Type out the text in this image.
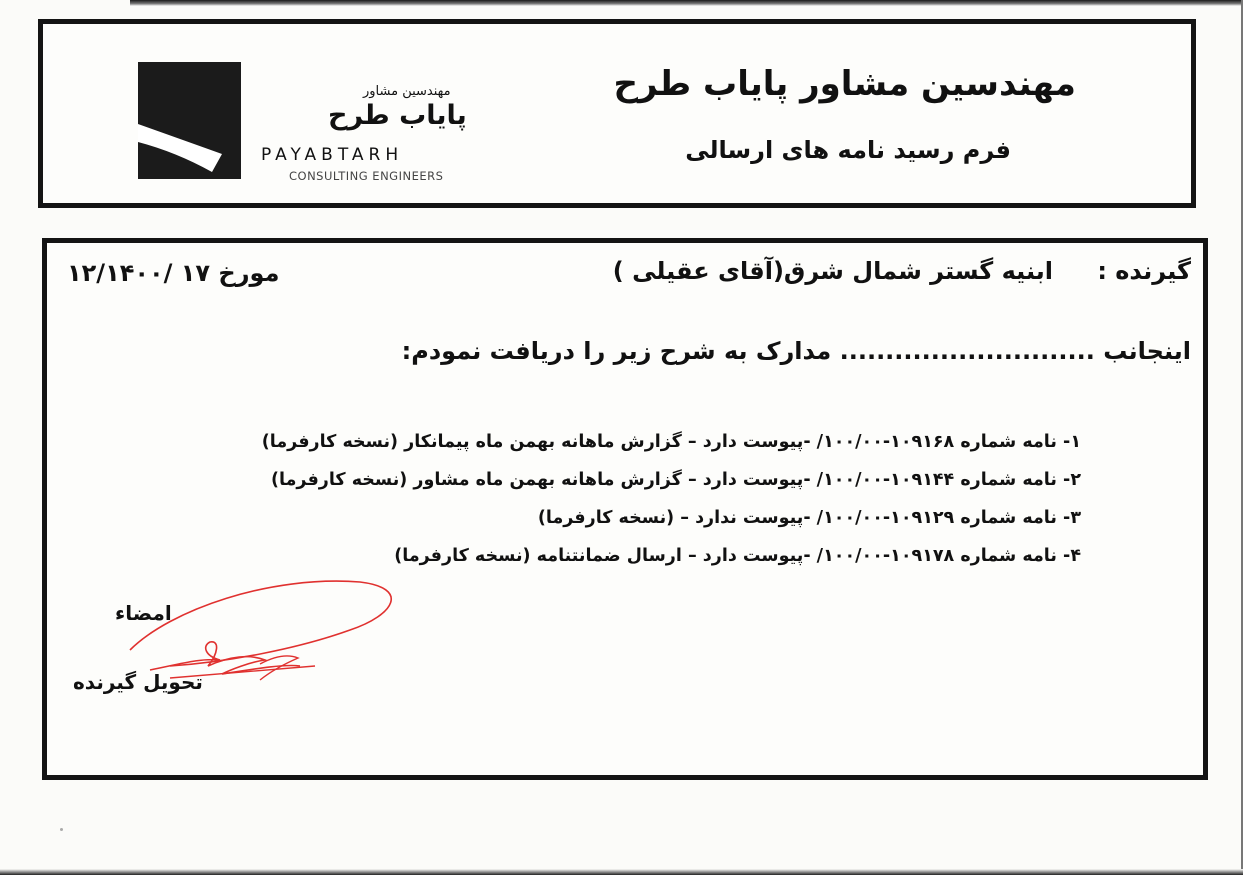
مهندسین مشاور پایاب طرح
فرم رسید نامه های ارسالی
مهندسین مشاور
پایاب طرح
PAYABTARH
CONSULTING ENGINEERS
گیرنده :
ابنیه گستر شمال شرق(آقای عقیلی )
مورخ ۱۷ /۱۲/۱۴۰۰
اینجانب ............................ مدارک به شرح زیر را دریافت نمودم:
۱- نامه شماره ۱۰۹۱۶۸-۱۰۰/۰۰/ -پیوست دارد – گزارش ماهانه بهمن ماه پیمانکار (نسخه کارفرما)
۲- نامه شماره ۱۰۹۱۴۴-۱۰۰/۰۰/ -پیوست دارد – گزارش ماهانه بهمن ماه مشاور (نسخه کارفرما)
۳- نامه شماره ۱۰۹۱۲۹-۱۰۰/۰۰/ -پیوست ندارد – (نسخه کارفرما)
۴- نامه شماره ۱۰۹۱۷۸-۱۰۰/۰۰/ -پیوست دارد – ارسال ضمانتنامه (نسخه کارفرما)
امضاء
تحویل گیرنده
